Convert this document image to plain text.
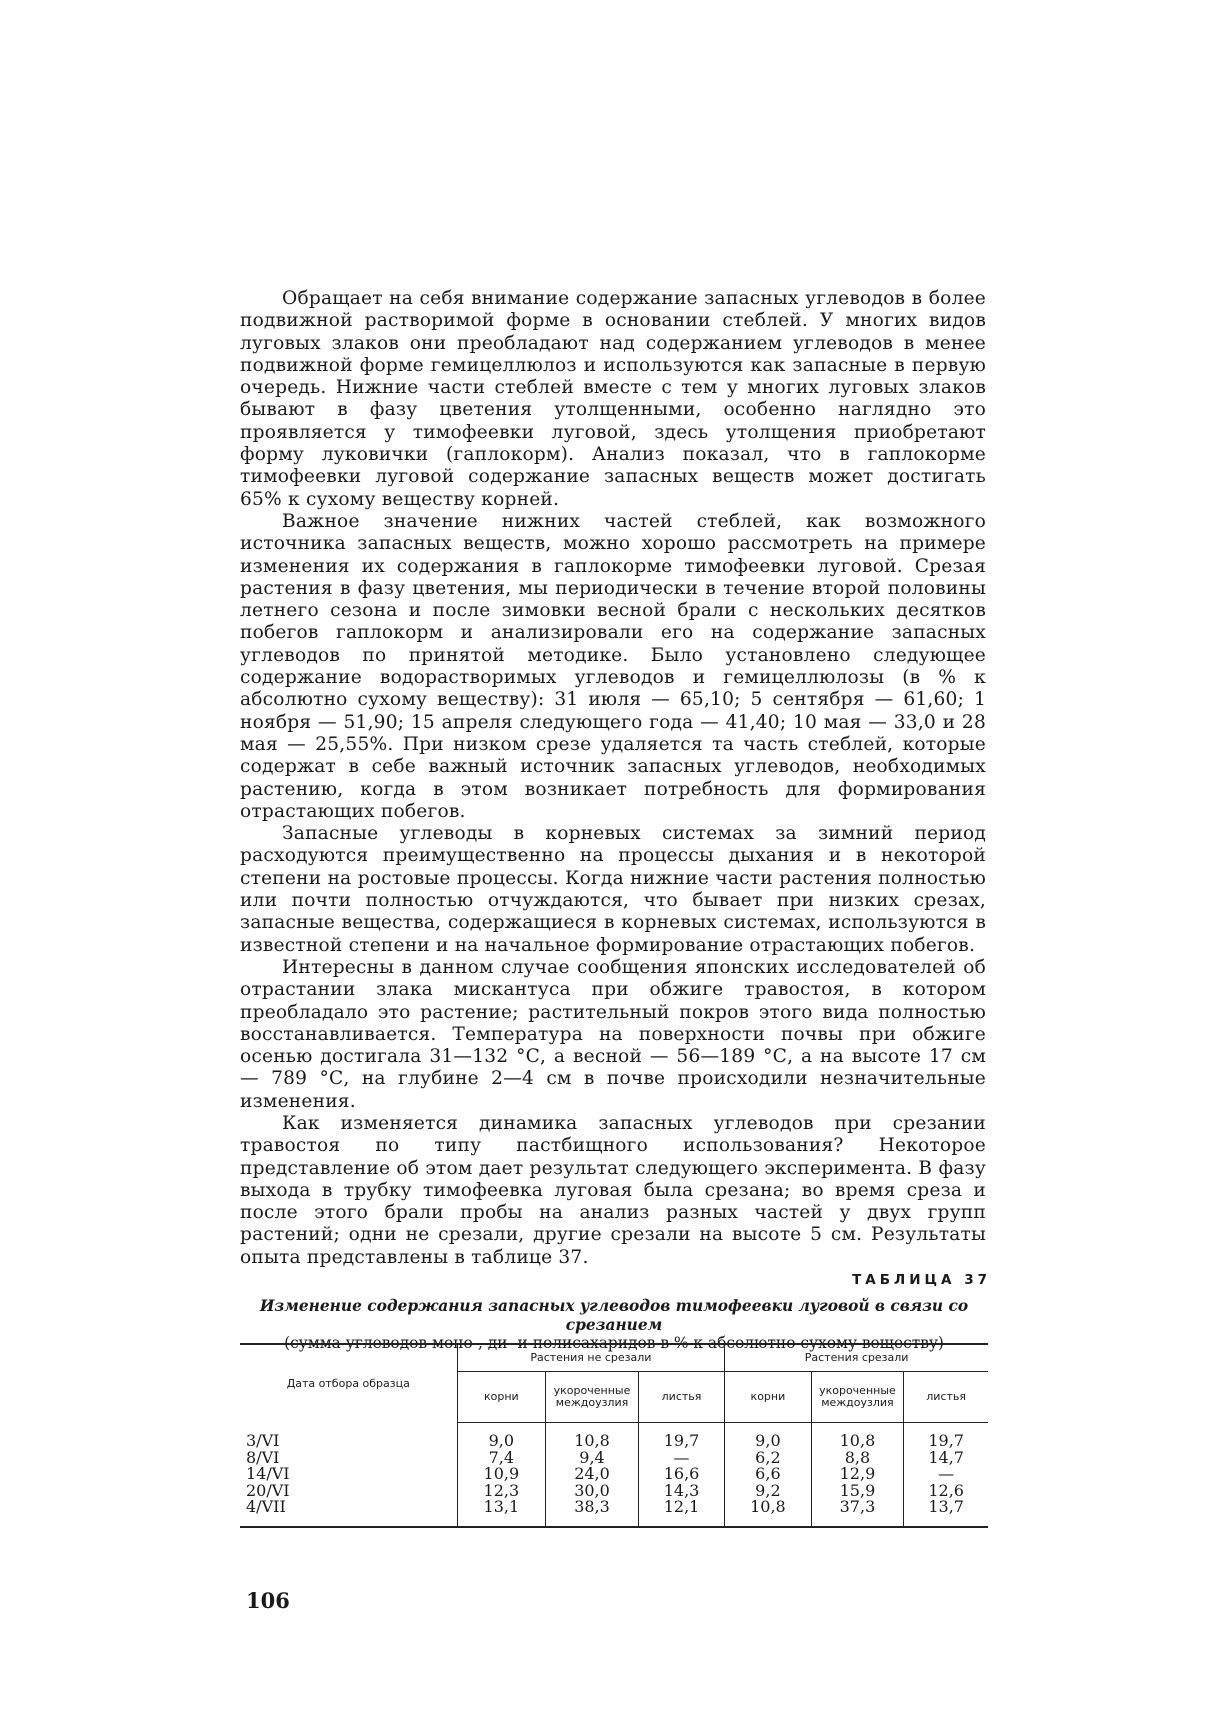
Обращает на себя внимание содержание запасных углеводов в более подвижной растворимой форме в основании стеблей. У многих видов луговых злаков они преобладают над содержанием углеводов в менее подвижной форме гемицеллюлоз и используются как запасные в первую очередь. Нижние части стеблей вместе с тем у многих луговых злаков бывают в фазу цветения утолщенными, особенно наглядно это проявляется у тимофеевки луговой, здесь утолщения приобретают форму луковички (гаплокорм). Анализ показал, что в гаплокорме тимофеевки луговой содержание запасных веществ может достигать 65% к сухому веществу корней.

Важное значение нижних частей стеблей, как возможного источника запасных веществ, можно хорошо рассмотреть на примере изменения их содержания в гаплокорме тимофеевки луговой. Срезая растения в фазу цветения, мы периодически в течение второй половины летнего сезона и после зимовки весной брали с нескольких десятков побегов гаплокорм и анализировали его на содержание запасных углеводов по принятой методике. Было установлено следующее содержание водорастворимых углеводов и гемицеллюлозы (в % к абсолютно сухому веществу): 31 июля — 65,10; 5 сентября — 61,60; 1 ноября — 51,90; 15 апреля следующего года — 41,40; 10 мая — 33,0 и 28 мая — 25,55%. При низком срезе удаляется та часть стеблей, которые содержат в себе важный источник запасных углеводов, необходимых растению, когда в этом возникает потребность для формирования отрастающих побегов.

Запасные углеводы в корневых системах за зимний период расходуются преимущественно на процессы дыхания и в некоторой степени на ростовые процессы. Когда нижние части растения полностью или почти полностью отчуждаются, что бывает при низких срезах, запасные вещества, содержащиеся в корневых системах, используются в известной степени и на начальное формирование отрастающих побегов.

Интересны в данном случае сообщения японских исследователей об отрастании злака мискантуса при обжиге травостоя, в котором преобладало это растение; растительный покров этого вида полностью восстанавливается. Температура на поверхности почвы при обжиге осенью достигала 31—132 °С, а весной — 56—189 °С, а на высоте 17 см — 789 °С, на глубине 2—4 см в почве происходили незначительные изменения.

Как изменяется динамика запасных углеводов при срезании травостоя по типу пастбищного использования? Некоторое представление об этом дает результат следующего эксперимента. В фазу выхода в трубку тимофеевка луговая была срезана; во время среза и после этого брали пробы на анализ разных частей у двух групп растений; одни не срезали, другие срезали на высоте 5 см. Результаты опыта представлены в таблице 37.

ТАБЛИЦА 37
Изменение содержания запасных углеводов тимофеевки луговой в связи со срезанием
(сумма углеводов моно-, ди- и полисахаридов в % к абсолютно сухому веществу)
Дата отбора образца	Растения не срезали			Растения срезали		
	корни	укороченные междоузлия	листья	корни	укороченные междоузлия	листья
3/VI	9,0	10,8	19,7	9,0	10,8	19,7
8/VI	7,4	9,4	—	6,2	8,8	14,7
14/VI	10,9	24,0	16,6	6,6	12,9	—
20/VI	12,3	30,0	14,3	9,2	15,9	12,6
4/VII	13,1	38,3	12,1	10,8	37,3	13,7
106
